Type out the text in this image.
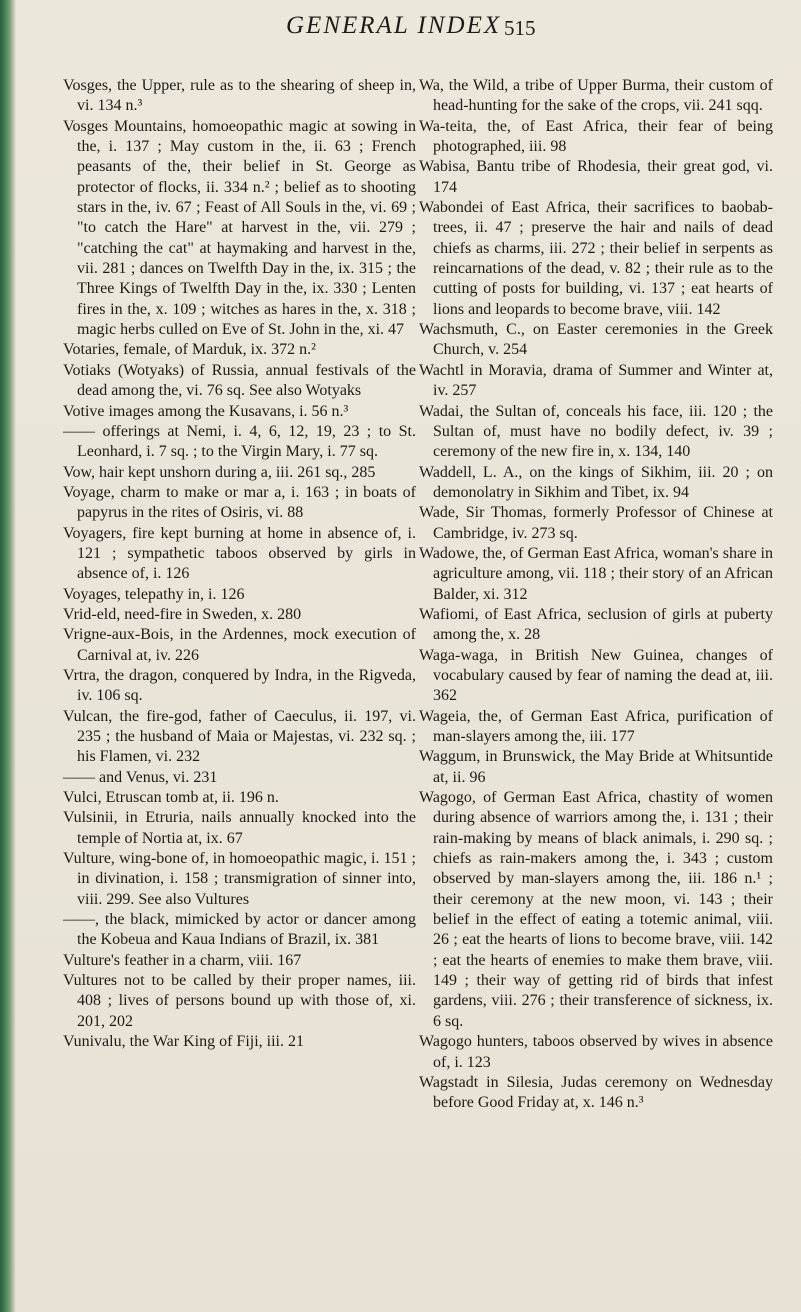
GENERAL INDEX 515

Vosges, the Upper, rule as to the shearing of sheep in, vi. 134 n.³

Vosges Mountains, homoeopathic magic at sowing in the, i. 137 ; May custom in the, ii. 63 ; French peasants of the, their belief in St. George as protector of flocks, ii. 334 n.² ; belief as to shooting stars in the, iv. 67 ; Feast of All Souls in the, vi. 69 ; "to catch the Hare" at harvest in the, vii. 279 ; "catching the cat" at haymaking and harvest in the, vii. 281 ; dances on Twelfth Day in the, ix. 315 ; the Three Kings of Twelfth Day in the, ix. 330 ; Lenten fires in the, x. 109 ; witches as hares in the, x. 318 ; magic herbs culled on Eve of St. John in the, xi. 47

Votaries, female, of Marduk, ix. 372 n.²

Votiaks (Wotyaks) of Russia, annual festivals of the dead among the, vi. 76 sq. See also Wotyaks

Votive images among the Kusavans, i. 56 n.³

—— offerings at Nemi, i. 4, 6, 12, 19, 23 ; to St. Leonhard, i. 7 sq. ; to the Virgin Mary, i. 77 sq.

Vow, hair kept unshorn during a, iii. 261 sq., 285

Voyage, charm to make or mar a, i. 163 ; in boats of papyrus in the rites of Osiris, vi. 88

Voyagers, fire kept burning at home in absence of, i. 121 ; sympathetic taboos observed by girls in absence of, i. 126

Voyages, telepathy in, i. 126

Vrid-eld, need-fire in Sweden, x. 280

Vrigne-aux-Bois, in the Ardennes, mock execution of Carnival at, iv. 226

Vrtra, the dragon, conquered by Indra, in the Rigveda, iv. 106 sq.

Vulcan, the fire-god, father of Caeculus, ii. 197, vi. 235 ; the husband of Maia or Majestas, vi. 232 sq. ; his Flamen, vi. 232

—— and Venus, vi. 231

Vulci, Etruscan tomb at, ii. 196 n.

Vulsinii, in Etruria, nails annually knocked into the temple of Nortia at, ix. 67

Vulture, wing-bone of, in homoeopathic magic, i. 151 ; in divination, i. 158 ; transmigration of sinner into, viii. 299. See also Vultures

——, the black, mimicked by actor or dancer among the Kobeua and Kaua Indians of Brazil, ix. 381

Vulture's feather in a charm, viii. 167

Vultures not to be called by their proper names, iii. 408 ; lives of persons bound up with those of, xi. 201, 202

Vunivalu, the War King of Fiji, iii. 21

Wa, the Wild, a tribe of Upper Burma, their custom of head-hunting for the sake of the crops, vii. 241 sqq.

Wa-teita, the, of East Africa, their fear of being photographed, iii. 98

Wabisa, Bantu tribe of Rhodesia, their great god, vi. 174

Wabondei of East Africa, their sacrifices to baobab-trees, ii. 47 ; preserve the hair and nails of dead chiefs as charms, iii. 272 ; their belief in serpents as reincarnations of the dead, v. 82 ; their rule as to the cutting of posts for building, vi. 137 ; eat hearts of lions and leopards to become brave, viii. 142

Wachsmuth, C., on Easter ceremonies in the Greek Church, v. 254

Wachtl in Moravia, drama of Summer and Winter at, iv. 257

Wadai, the Sultan of, conceals his face, iii. 120 ; the Sultan of, must have no bodily defect, iv. 39 ; ceremony of the new fire in, x. 134, 140

Waddell, L. A., on the kings of Sikhim, iii. 20 ; on demonolatry in Sikhim and Tibet, ix. 94

Wade, Sir Thomas, formerly Professor of Chinese at Cambridge, iv. 273 sq.

Wadowe, the, of German East Africa, woman's share in agriculture among, vii. 118 ; their story of an African Balder, xi. 312

Wafiomi, of East Africa, seclusion of girls at puberty among the, x. 28

Waga-waga, in British New Guinea, changes of vocabulary caused by fear of naming the dead at, iii. 362

Wageia, the, of German East Africa, purification of man-slayers among the, iii. 177

Waggum, in Brunswick, the May Bride at Whitsuntide at, ii. 96

Wagogo, of German East Africa, chastity of women during absence of warriors among the, i. 131 ; their rain-making by means of black animals, i. 290 sq. ; chiefs as rain-makers among the, i. 343 ; custom observed by man-slayers among the, iii. 186 n.¹ ; their ceremony at the new moon, vi. 143 ; their belief in the effect of eating a totemic animal, viii. 26 ; eat the hearts of lions to become brave, viii. 142 ; eat the hearts of enemies to make them brave, viii. 149 ; their way of getting rid of birds that infest gardens, viii. 276 ; their transference of sickness, ix. 6 sq.

Wagogo hunters, taboos observed by wives in absence of, i. 123

Wagstadt in Silesia, Judas ceremony on Wednesday before Good Friday at, x. 146 n.³
